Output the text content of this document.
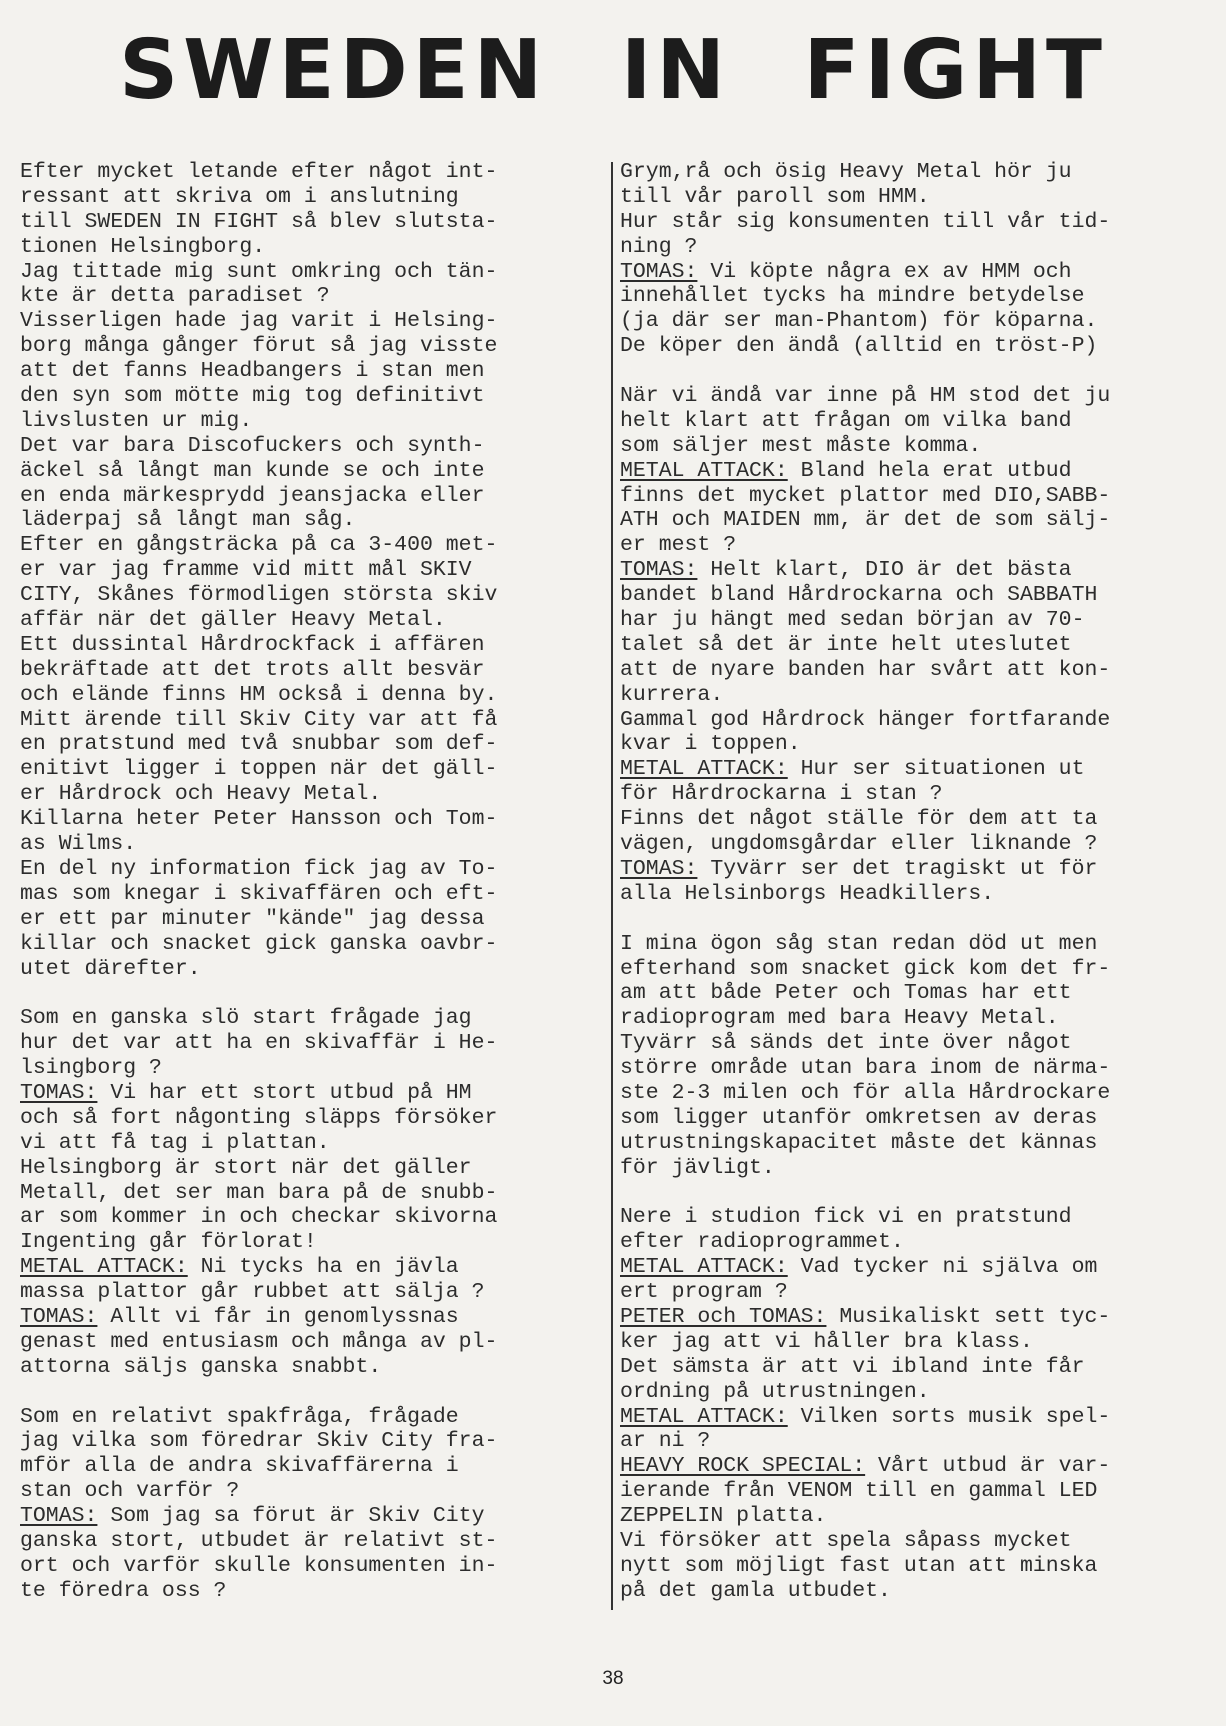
SWEDEN IN FIGHT
Efter mycket letande efter något int-
ressant att skriva om i anslutning
till SWEDEN IN FIGHT så blev slutsta-
tionen Helsingborg.
Jag tittade mig sunt omkring och tän-
kte är detta paradiset ?
Visserligen hade jag varit i Helsing-
borg många gånger förut så jag visste
att det fanns Headbangers i stan men
den syn som mötte mig tog definitivt
livslusten ur mig.
Det var bara Discofuckers och synth-
äckel så långt man kunde se och inte
en enda märkesprydd jeansjacka eller
läderpaj så långt man såg.
Efter en gångsträcka på ca 3-400 met-
er var jag framme vid mitt mål SKIV
CITY, Skånes förmodligen största skiv
affär när det gäller Heavy Metal.
Ett dussintal Hårdrockfack i affären
bekräftade att det trots allt besvär
och elände finns HM också i denna by.
Mitt ärende till Skiv City var att få
en pratstund med två snubbar som def-
enitivt ligger i toppen när det gäll-
er Hårdrock och Heavy Metal.
Killarna heter Peter Hansson och Tom-
as Wilms.
En del ny information fick jag av To-
mas som knegar i skivaffären och eft-
er ett par minuter "kände" jag dessa
killar och snacket gick ganska oavbr-
utet därefter.
Som en ganska slö start frågade jag
hur det var att ha en skivaffär i He-
lsingborg ?
TOMAS: Vi har ett stort utbud på HM
och så fort någonting släpps försöker
vi att få tag i plattan.
Helsingborg är stort när det gäller
Metall, det ser man bara på de snubb-
ar som kommer in och checkar skivorna
Ingenting går förlorat!
METAL ATTACK: Ni tycks ha en jävla
massa plattor går rubbet att sälja ?
TOMAS: Allt vi får in genomlyssnas
genast med entusiasm och många av pl-
attorna säljs ganska snabbt.
Som en relativt spakfråga, frågade
jag vilka som föredrar Skiv City fra-
mför alla de andra skivaffärerna i
stan och varför ?
TOMAS: Som jag sa förut är Skiv City
ganska stort, utbudet är relativt st-
ort och varför skulle konsumenten in-
te föredra oss ?
Grym,rå och ösig Heavy Metal hör ju
till vår paroll som HMM.
Hur står sig konsumenten till vår tid-
ning ?
TOMAS: Vi köpte några ex av HMM och
innehållet tycks ha mindre betydelse
(ja där ser man-Phantom) för köparna.
De köper den ändå (alltid en tröst-P)
När vi ändå var inne på HM stod det ju
helt klart att frågan om vilka band
som säljer mest måste komma.
METAL ATTACK: Bland hela erat utbud
finns det mycket plattor med DIO,SABB-
ATH och MAIDEN mm, är det de som sälj-
er mest ?
TOMAS: Helt klart, DIO är det bästa
bandet bland Hårdrockarna och SABBATH
har ju hängt med sedan början av 70-
talet så det är inte helt uteslutet
att de nyare banden har svårt att kon-
kurrera.
Gammal god Hårdrock hänger fortfarande
kvar i toppen.
METAL ATTACK: Hur ser situationen ut
för Hårdrockarna i stan ?
Finns det något ställe för dem att ta
vägen, ungdomsgårdar eller liknande ?
TOMAS: Tyvärr ser det tragiskt ut för
alla Helsinborgs Headkillers.
I mina ögon såg stan redan död ut men
efterhand som snacket gick kom det fr-
am att både Peter och Tomas har ett
radioprogram med bara Heavy Metal.
Tyvärr så sänds det inte över något
större område utan bara inom de närma-
ste 2-3 milen och för alla Hårdrockare
som ligger utanför omkretsen av deras
utrustningskapacitet måste det kännas
för jävligt.
Nere i studion fick vi en pratstund
efter radioprogrammet.
METAL ATTACK: Vad tycker ni själva om
ert program ?
PETER och TOMAS: Musikaliskt sett tyc-
ker jag att vi håller bra klass.
Det sämsta är att vi ibland inte får
ordning på utrustningen.
METAL ATTACK: Vilken sorts musik spel-
ar ni ?
HEAVY ROCK SPECIAL: Vårt utbud är var-
ierande från VENOM till en gammal LED
ZEPPELIN platta.
Vi försöker att spela såpass mycket
nytt som möjligt fast utan att minska
på det gamla utbudet.
38
